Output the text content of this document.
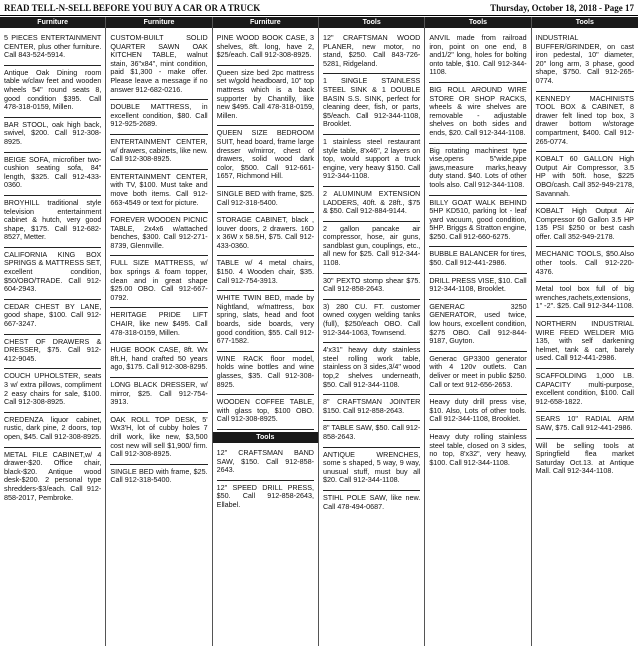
READ TELL-N-SELL BEFORE YOU BUY A CAR OR A TRUCK	Thursday, October 18, 2018 - Page 17
Furniture
5 PIECES ENTERTAINMENT CENTER, plus other furniture. Call 843-524-5914.
Antique Oak Dining room table w/claw feet and wooden wheels 54" round seats 8, good condition $395. Call 478-318-0159, Millen.
BAR STOOL, oak high back, swivel, $200. Call 912-308-8925.
BEIGE SOFA, microfiber two-cushion seating sofa, 84" length, $325. Call 912-433-0360.
BROYHILL traditional style television entertainment cabinet & hutch, very good shape, $175. Call 912-682-8527, Metter.
CALIFORNIA KING BOX SPRINGS & MATTRESS SET, excellent condition, $50/OBO/TRADE. Call 912-604-2943.
CEDAR CHEST BY LANE, good shape, $100. Call 912-667-3247.
CHEST OF DRAWERS & DRESSER, $75. Call 912-412-9045.
COUCH UPHOLSTER, seats 3 w/ extra pillows, compliment 2 easy chairs for sale, $100. Call 912-308-8925.
CREDENZA liquor cabinet, rustic, dark pine, 2 doors, top open, $45. Call 912-308-8925.
METAL FILE CABINET,w/ 4 drawer-$20. Office chair, black-$20. Antique wood desk-$200. 2 personal type shredders-$3/each. Call 912-858-2017, Pembroke.
Furniture
CUSTOM-BUILT SOLID QUARTER SAWN OAK KITCHEN TABLE, walnut stain, 36"x84", mint condition, paid $1,300 - make offer. Please leave a message if no answer 912-682-0216.
DOUBLE MATTRESS, in excellent condition, $80. Call 912-925-2689.
ENTERTAINMENT CENTER, w/ drawers, cabinets, like new. Call 912-308-8925.
ENTERTAINMENT CENTER, with TV, $100. Must take and move both items. Call 912-663-4549 or text for picture.
FOREVER WOODEN PICNIC TABLE, 2x4x6 w/attached benches, $300. Call 912-271-8739, Glennville.
FULL SIZE MATTRESS, w/ box springs & foam topper, clean and in great shape $25.00 OBO. Call 912-667-0792.
HERITAGE PRIDE LIFT CHAIR, like new $495. Call 478-318-0159, Millen.
HUGE BOOK CASE, 8ft. Wx 8ft.H, hand crafted 50 years ago, $175. Call 912-308-8295.
LONG BLACK DRESSER, w/ mirror, $25. Call 912-754-3913.
OAK ROLL TOP DESK, 5' Wx3'H, lot of cubby holes 7 drill work, like new, $3,500 cost new will sell $1,900/ firm. Call 912-308-8925.
SINGLE BED with frame, $25. Call 912-318-5400.
Furniture
PINE WOOD BOOK CASE, 3 shelves, 8ft. long, have 2, $25/each. Call 912-308-8925.
Queen size bed 2pc mattress set w/gold headboard, 10" top mattress which is a back supporter by Chantilly, like new $495. Call 478-318-0159, Millen.
QUEEN SIZE BEDROOM SUIT, head board, frame large dresser w/mirror, chest of drawers, solid wood dark color, $500. Call 912-661-1657, Richmond Hill.
SINGLE BED with frame, $25. Call 912-318-5400.
STORAGE CABINET, black , louver doors, 2 drawers. 16D x 36W x 58.5H, $75. Call 912-433-0360.
TABLE w/ 4 metal chairs, $150. 4 Wooden chair, $35. Call 912-754-3913.
WHITE TWIN BED, made by Nightland, w/mattress, box spring, slats, head and foot boards, side boards, very good condition, $55. Call 912-677-1582.
WINE RACK floor model, holds wine bottles and wine glasses, $35. Call 912-308-8925.
WOODEN COFFEE TABLE, with glass top, $100 OBO. Call 912-308-8925.
Tools
12" CRAFTSMAN BAND SAW, $150. Call 912-858-2643.
12" SPEED DRILL PRESS, $50. Call 912-858-2643, Ellabel.
Tools
12" CRAFTSMAN WOOD PLANER, new motor, no stand, $250. Call 843-726-5281, Ridgeland.
1 SINGLE STAINLESS STEEL SINK & 1 DOUBLE BASIN S.S. SINK, perfect for cleaning deer, fish, or parts, $5/each. Call 912-344-1108, Brooklet.
1 stainless steel restaurant style table, 8'x46", 2 layers on top, would support a truck engine, very heavy $150. Call 912-344-1108.
2 ALUMINUM EXTENSION LADDERS, 40ft. & 28ft., $75 & $50. Call 912-884-9144.
2 gallon pancake air compressor, hose, air guns, sandblast gun, couplings, etc., all new for $25. Call 912-344-1108.
30" PEXTO stomp shear $75. Call 912-858-2643.
3) 280 CU. FT. customer owned oxygen welding tanks (full), $250/each OBO. Call 912-344-1063, Townsend.
4'x31" heavy duty stainless steel rolling work table, stainless on 3 sides,3/4" wood top,2 shelves underneath, $50. Call 912-344-1108.
8" CRAFTSMAN JOINTER $150. Call 912-858-2643.
8" TABLE SAW, $50. Call 912-858-2643.
ANTIQUE WRENCHES, some s shaped, 5 way, 9 way, unusual stuff, must buy all $20. Call 912-344-1108.
STIHL POLE SAW, like new. Call 478-494-0687.
Tools
ANVIL made from railroad iron, point on one end, 8 and1/2" long, holes for bolting onto table, $10. Call 912-344-1108.
BIG ROLL AROUND WIRE STORE OR SHOP RACKS, wheels & wire shelves are removable - adjustable shelves on both sides and ends, $20. Call 912-344-1108.
Big rotating machinest type vise,opens 5"wide,pipe jaws,measure marks,heavy duty stand. $40. Lots of other tools also. Call 912-344-1108.
BILLY GOAT WALK BEHIND 5HP KD510, parking lot - leaf yard vacuum, good condition, 5HP. Briggs & Stratton engine, $250. Call 912-660-6275.
BUBBLE BALANCER for tires, $50. Call 912-441-2986.
DRILL PRESS VISE, $10. Call 912-344-1108, Brooklet.
GENERAC 3250 GENERATOR, used twice, low hours, excellent condition, $275 OBO. Call 912-844-9187, Guyton.
Generac GP3300 generator with 4 120v outlets. Can deliver or meet in public $250. Call or text 912-656-2653.
Heavy duty drill press vise, $10. Also, Lots of other tools. Call 912-344-1108, Brooklet.
Heavy duty rolling stainless steel table, closed on 3 sides, no top, 8'x32", very heavy, $100. Call 912-344-1108.
Tools
INDUSTRIAL BUFFER/GRINDER, on cast iron pedestal, 10" diameter, 20" long arm, 3 phase, good shape, $750. Call 912-265-0774.
KENNEDY MACHINISTS TOOL BOX & CABINET, 8 drawer felt lined top box, 3 drawer bottom w/storage compartment, $400. Call 912-265-0774.
KOBALT 60 GALLON High Output Air Compressor, 3.5 HP with 50ft. hose, $225 OBO/cash. Call 352-949-2178, Savannah.
KOBALT High Output Air Compressor 60 Gallon 3.5 HP 135 PSI $250 or best cash offer. Call 352-949-2178.
MECHANIC TOOLS, $50.Also other tools. Call 912-220-4376.
Metal tool box full of big wrenches,rachets,extensions,1" -2". $25. Call 912-344-1108.
NORTHERN INDUSTRIAL WIRE FEED WELDER MIG 135, with self darkening helmet, tank & cart, barely used. Call 912-441-2986.
SCAFFOLDING 1,000 LB. CAPACITY multi-purpose, excellent condition, $100. Call 912-658-1822.
SEARS 10" RADIAL ARM SAW, $75. Call 912-441-2986.
Will be selling tools at Springfield flea market Saturday Oct.13. at Antique Mall. Call 912-344-1108.
